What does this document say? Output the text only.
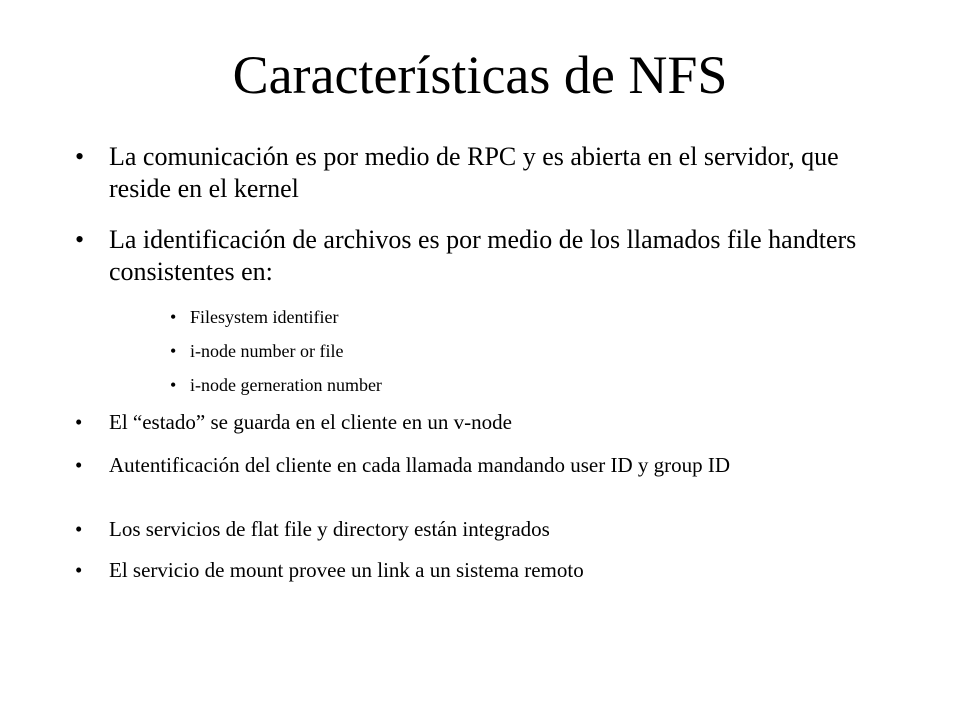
Características de NFS
• La comunicación es por medio de RPC y es abierta en el servidor, que reside en el kernel
• La identificación de archivos es por medio de los llamados file handters consistentes en:
• Filesystem identifier
• i-node number or file
• i-node gerneration number
•	El “estado” se guarda en el cliente en un v-node
•	Autentificación del cliente en cada llamada mandando user ID y group ID
•	Los servicios de flat file y directory están integrados
•	El servicio de mount provee un link a un sistema remoto
